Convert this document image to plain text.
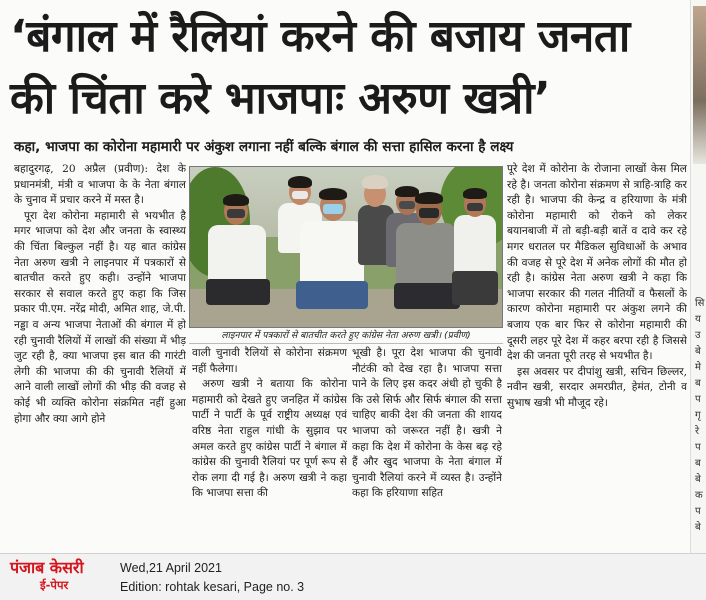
‘बंगाल में रैलियां करने की बजाय जनता की चिंता करे भाजपाः अरुण खत्री’
कहा, भाजपा का कोरोना महामारी पर अंकुश लगाना नहीं बल्कि बंगाल की सत्ता हासिल करना है लक्ष्य

बहादुरगढ़, 20 अप्रैल (प्रवीण): देश के प्रधानमंत्री, मंत्री व भाजपा के के नेता बंगाल के चुनाव में प्रचार करने में मस्त है।

पूरा देश कोरोना महामारी से भयभीत है मगर भाजपा को देश और जनता के स्वास्थ्य की चिंता बिल्कुल नहीं है। यह बात कांग्रेस नेता अरुण खत्री ने लाइनपार में पत्रकारों से बातचीत करते हुए कही। उन्होंने भाजपा सरकार से सवाल करते हुए कहा कि जिस प्रकार पी.एम. नरेंद्र मोदी, अमित शाह, जे.पी. नड्डा व अन्य भाजपा नेताओं की बंगाल में हो रही चुनावी रैलियों में लाखों की संख्या में भीड़ जुट रही है, क्या भाजपा इस बात की गारंटी लेगी की भाजपा की की चुनावी रैलियों में आने वाली लाखों लोगों की भीड़ की वजह से कोई भी व्यक्ति कोरोना संक्रमित नहीं हुआ होगा और क्या आगे होने

लाइनपार में पत्रकारों से बातचीत करते हुए कांग्रेस नेता अरुण खत्री। (प्रवीण)

वाली चुनावी रैलियों से कोरोना संक्रमण नहीं फैलेगा।

अरुण खत्री ने बताया कि कोरोना महामारी को देखते हुए जनहित में कांग्रेस पार्टी ने पार्टी के पूर्व राष्ट्रीय अध्यक्ष एवं वरिष्ठ नेता राहुल गांधी के सुझाव पर अमल करते हुए कांग्रेस पार्टी ने बंगाल में कांग्रेस की चुनावी रैलियां पर पूर्ण रूप से रोक लगा दी गई है। अरुण खत्री ने कहा कि भाजपा सत्ता की

भूखी है। पूरा देश भाजपा की चुनावी नौटंकी को देख रहा है। भाजपा सत्ता पाने के लिए इस कदर अंधी हो चुकी है कि उसे सिर्फ और सिर्फ बंगाल की सत्ता चाहिए बाकी देश की जनता की शायद भाजपा को जरूरत नहीं है। खत्री ने कहा कि देश में कोरोना के केस बढ़ रहे हैं और खुद भाजपा के नेता बंगाल में चुनावी रैलियां करने में व्यस्त है। उन्होंने कहा कि हरियाणा सहित

पूरे देश में कोरोना के रोजाना लाखों केस मिल रहे है। जनता कोरोना संक्रमण से त्राहि-त्राहि कर रही है। भाजपा की केन्द्र व हरियाणा के मंत्री कोरोना महामारी को रोकने को लेकर बयानबाजी में तो बड़ी-बड़ी बातें व दावे कर रहे मगर धरातल पर मैडिकल सुविधाओं के अभाव की वजह से पूरे देश में अनेक लोगों की मौत हो रही है। कांग्रेस नेता अरुण खत्री ने कहा कि भाजपा सरकार की गलत नीतियों व फैसलों के कारण कोरोना महामारी पर अंकुश लगने की बजाय एक बार फिर से कोरोना महामारी की दूसरी लहर पूरे देश में कहर बरपा रही है जिससे देश की जनता पूरी तरह से भयभीत है।

इस अवसर पर दीपांशु खत्री, सचिन छिल्लर, नवीन खत्री, सरदार अमरप्रीत, हेमंत, टोनी व सुभाष खत्री भी मौजूद रहे।

सि
य
उ
बे
मे
ब
प
गृ
रे
प
ब
बे
क
प
बे
पंजाब केसरी
ई-पेपर
Wed,21 April 2021
Edition: rohtak kesari, Page no. 3
